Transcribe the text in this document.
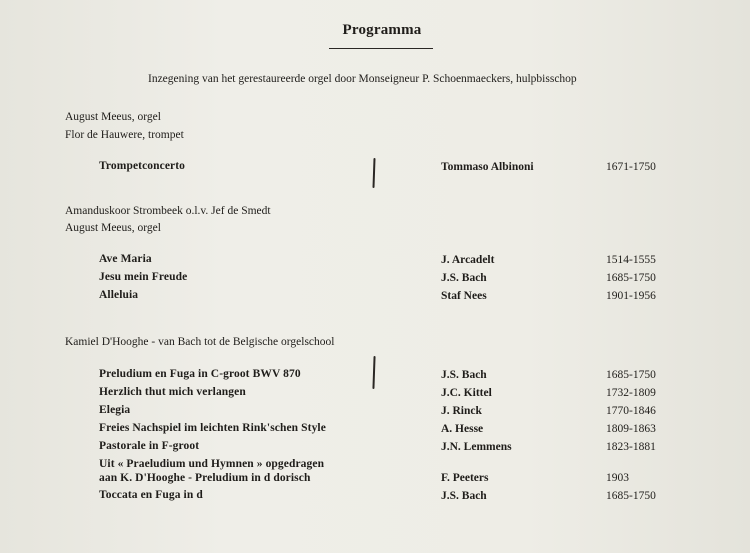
Programma
Inzegening van het gerestaureerde orgel door Monseigneur P. Schoenmaeckers, hulpbisschop
August Meeus, orgel
Flor de Hauwere, trompet
Trompetconcerto	Tommaso Albinoni	1671-1750
Amanduskoor Strombeek o.l.v. Jef de Smedt
August Meeus, orgel
Ave Maria	J. Arcadelt	1514-1555
Jesu mein Freude	J.S. Bach	1685-1750
Alleluia	Staf Nees	1901-1956
Kamiel D'Hooghe - van Bach tot de Belgische orgelschool
Preludium en Fuga in C-groot BWV 870	J.S. Bach	1685-1750
Herzlich thut mich verlangen	J.C. Kittel	1732-1809
Elegia	J. Rinck	1770-1846
Freies Nachspiel im leichten Rink'schen Style	A. Hesse	1809-1863
Pastorale in F-groot	J.N. Lemmens	1823-1881
Uit « Praeludium und Hymnen » opgedragen
aan K. D'Hooghe - Preludium in d dorisch	F. Peeters	1903
Toccata en Fuga in d	J.S. Bach	1685-1750
